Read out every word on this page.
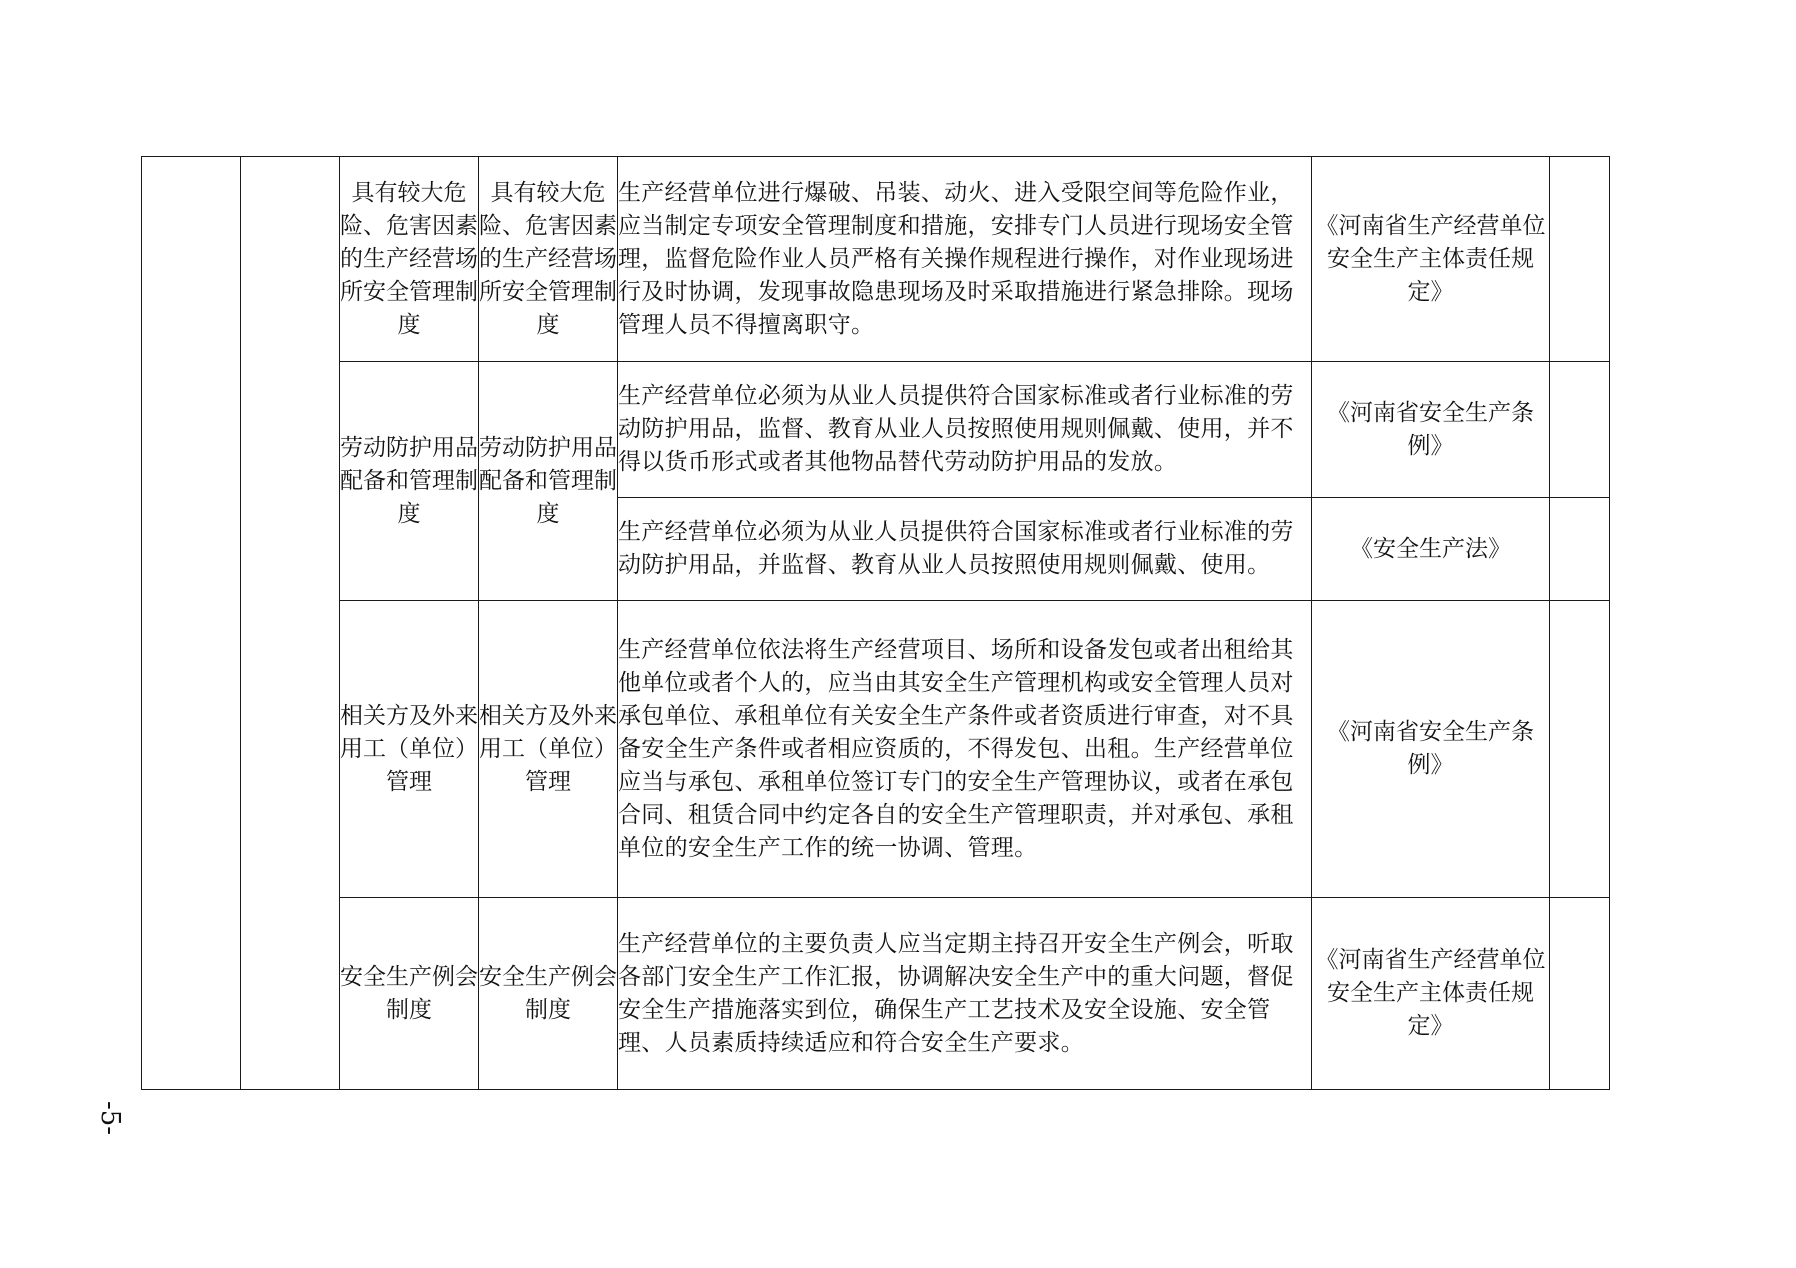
		具有较大危险、危害因素的生产经营场所安全管理制度	具有较大危险、危害因素的生产经营场所安全管理制度	生产经营单位进行爆破、吊装、动火、进入受限空间等危险作业，应当制定专项安全管理制度和措施，安排专门人员进行现场安全管理，监督危险作业人员严格有关操作规程进行操作，对作业现场进行及时协调，发现事故隐患现场及时采取措施进行紧急排除。现场管理人员不得擅离职守。	《河南省生产经营单位安全生产主体责任规定》	
		劳动防护用品配备和管理制度	劳动防护用品配备和管理制度	生产经营单位必须为从业人员提供符合国家标准或者行业标准的劳动防护用品，监督、教育从业人员按照使用规则佩戴、使用，并不得以货币形式或者其他物品替代劳动防护用品的发放。	《河南省安全生产条例》	
				生产经营单位必须为从业人员提供符合国家标准或者行业标准的劳动防护用品，并监督、教育从业人员按照使用规则佩戴、使用。	《安全生产法》	
		相关方及外来用工（单位）管理	相关方及外来用工（单位）管理	生产经营单位依法将生产经营项目、场所和设备发包或者出租给其他单位或者个人的，应当由其安全生产管理机构或安全管理人员对承包单位、承租单位有关安全生产条件或者资质进行审查，对不具备安全生产条件或者相应资质的，不得发包、出租。生产经营单位应当与承包、承租单位签订专门的安全生产管理协议，或者在承包合同、租赁合同中约定各自的安全生产管理职责，并对承包、承租单位的安全生产工作的统一协调、管理。	《河南省安全生产条例》	
		安全生产例会制度	安全生产例会制度	生产经营单位的主要负责人应当定期主持召开安全生产例会，听取各部门安全生产工作汇报，协调解决安全生产中的重大问题，督促安全生产措施落实到位，确保生产工艺技术及安全设施、安全管理、人员素质持续适应和符合安全生产要求。	《河南省生产经营单位安全生产主体责任规定》	
-5-
